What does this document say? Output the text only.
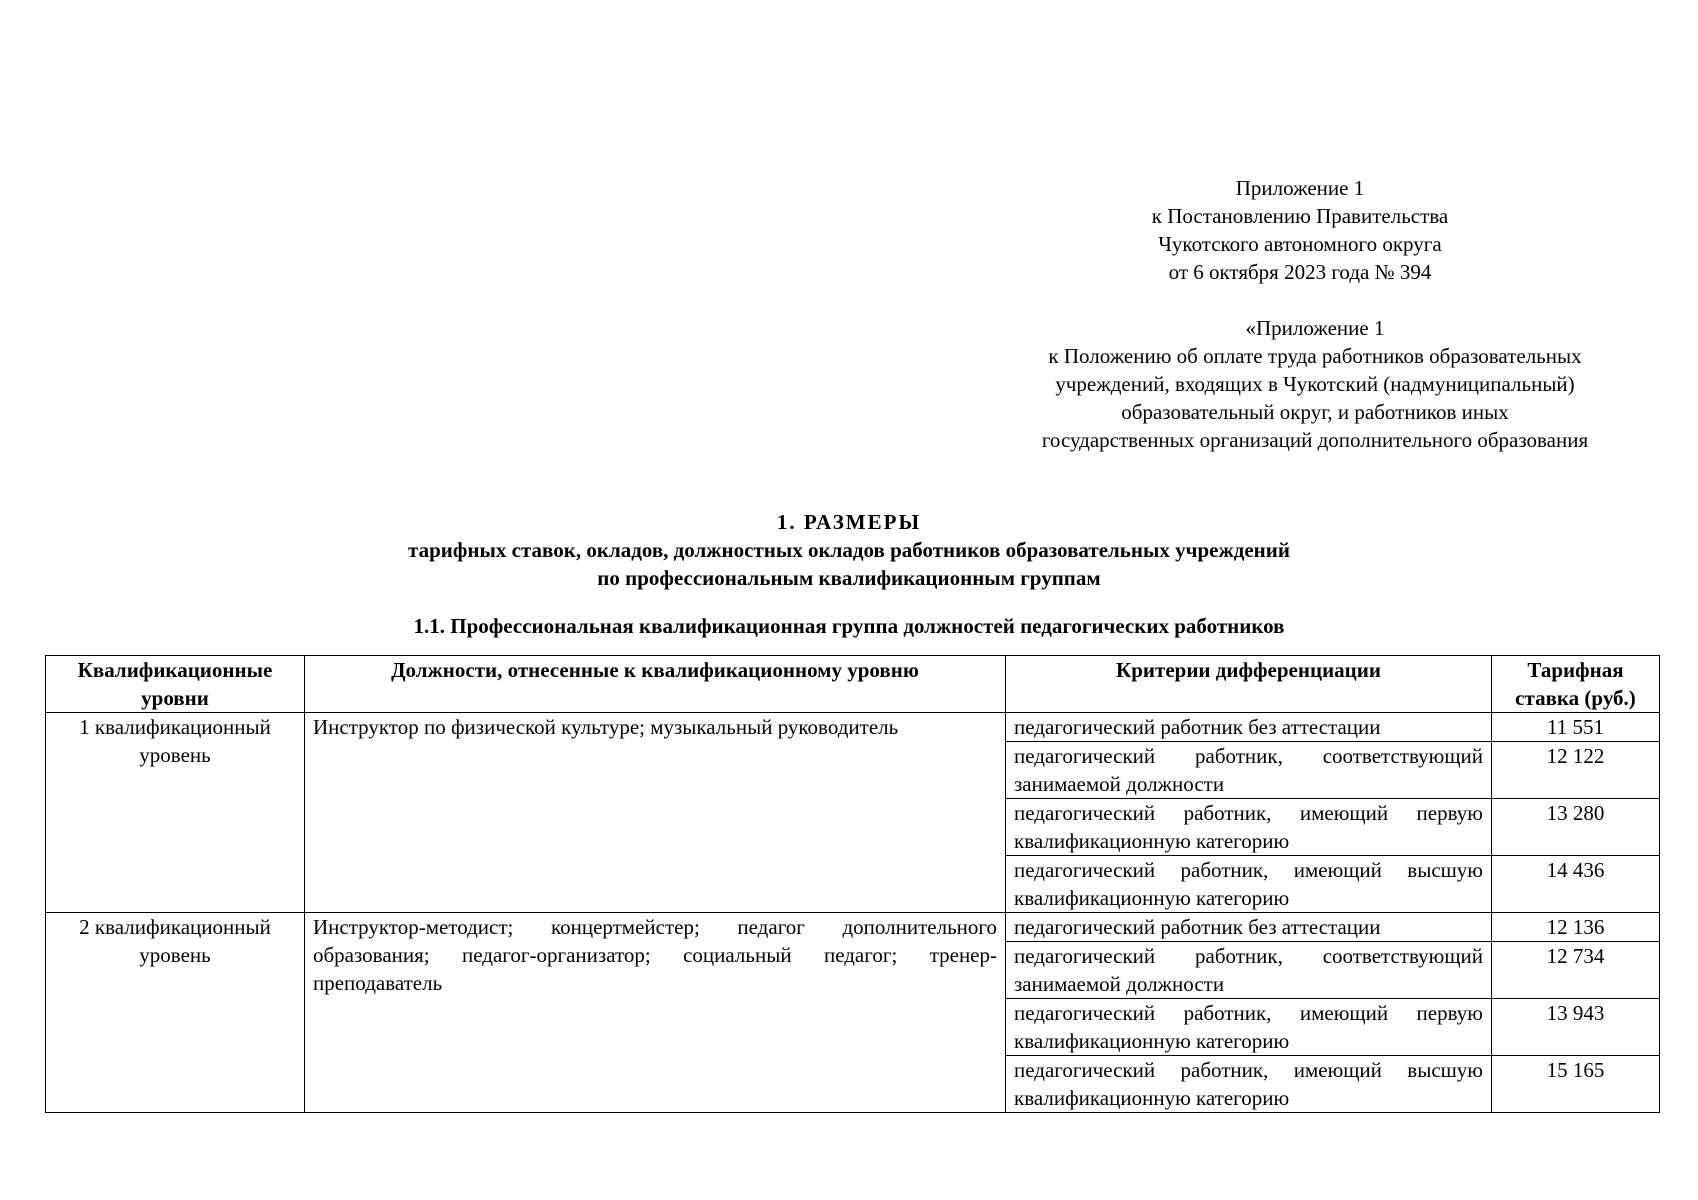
Приложение 1
к Постановлению Правительства
Чукотского автономного округа
от 6 октября 2023 года № 394
«Приложение 1
к Положению об оплате труда работников образовательных
учреждений, входящих в Чукотский (надмуниципальный)
образовательный округ, и работников иных
государственных организаций дополнительного образования
1. РАЗМЕРЫ
тарифных ставок, окладов, должностных окладов работников образовательных учреждений
по профессиональным квалификационным группам
1.1. Профессиональная квалификационная группа должностей педагогических работников
Квалификационные уровни	Должности, отнесенные к квалификационному уровню	Критерии дифференциации	Тарифная ставка (руб.)
1 квалификационный уровень	Инструктор по физической культуре; музыкальный руководитель	педагогический работник без аттестации	11 551
		педагогический работник, соответствующий занимаемой должности	12 122
		педагогический работник, имеющий первую квалификационную категорию	13 280
		педагогический работник, имеющий высшую квалификационную категорию	14 436
2 квалификационный уровень	Инструктор-методист; концертмейстер; педагог дополнительного образования; педагог-организатор; социальный педагог; тренер-преподаватель	педагогический работник без аттестации	12 136
		педагогический работник, соответствующий занимаемой должности	12 734
		педагогический работник, имеющий первую квалификационную категорию	13 943
		педагогический работник, имеющий высшую квалификационную категорию	15 165
